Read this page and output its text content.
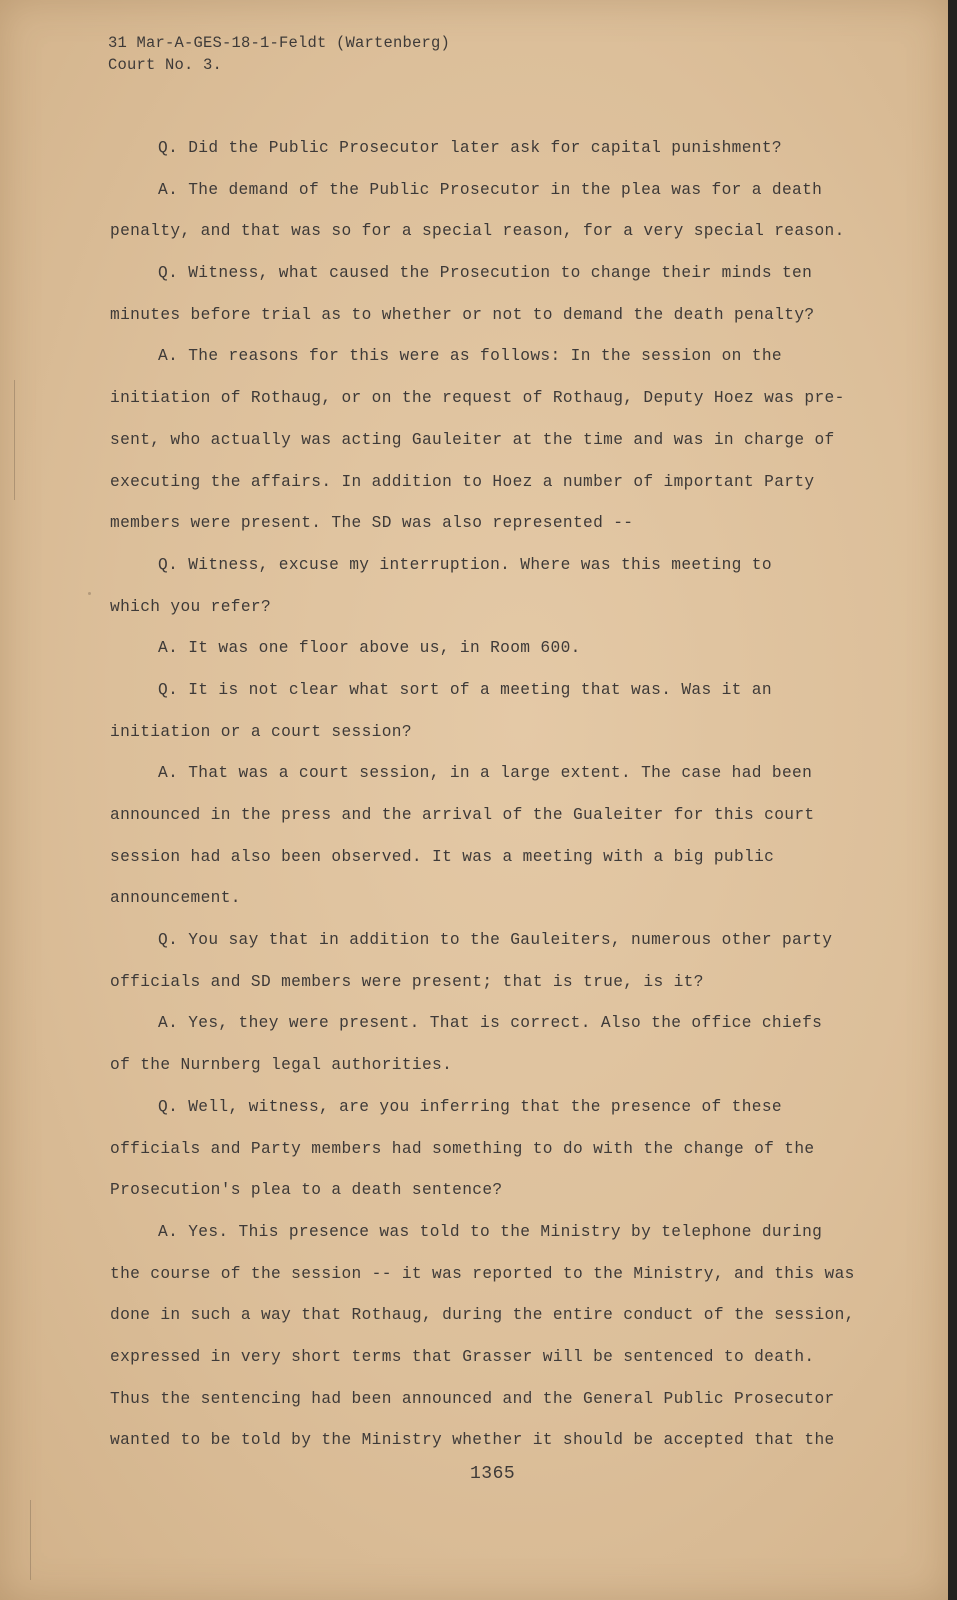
31 Mar-A-GES-18-1-Feldt (Wartenberg)
Court No. 3.
Q. Did the Public Prosecutor later ask for capital punishment?
A. The demand of the Public Prosecutor in the plea was for a death
penalty, and that was so for a special reason, for a very special reason.
Q. Witness, what caused the Prosecution to change their minds ten
minutes before trial as to whether or not to demand the death penalty?
A. The reasons for this were as follows: In the session on the
initiation of Rothaug, or on the request of Rothaug, Deputy Hoez was pre-
sent, who actually was acting Gauleiter at the time and was in charge of
executing the affairs. In addition to Hoez a number of important Party
members were present. The SD was also represented --
Q. Witness, excuse my interruption. Where was this meeting to
which you refer?
A. It was one floor above us, in Room 600.
Q. It is not clear what sort of a meeting that was. Was it an
initiation or a court session?
A. That was a court session, in a large extent. The case had been
announced in the press and the arrival of the Gualeiter for this court
session had also been observed. It was a meeting with a big public
announcement.
Q. You say that in addition to the Gauleiters, numerous other party
officials and SD members were present; that is true, is it?
A. Yes, they were present. That is correct. Also the office chiefs
of the Nurnberg legal authorities.
Q. Well, witness, are you inferring that the presence of these
officials and Party members had something to do with the change of the
Prosecution's plea to a death sentence?
A. Yes. This presence was told to the Ministry by telephone during
the course of the session -- it was reported to the Ministry, and this was
done in such a way that Rothaug, during the entire conduct of the session,
expressed in very short terms that Grasser will be sentenced to death.
Thus the sentencing had been announced and the General Public Prosecutor
wanted to be told by the Ministry whether it should be accepted that the
1365
